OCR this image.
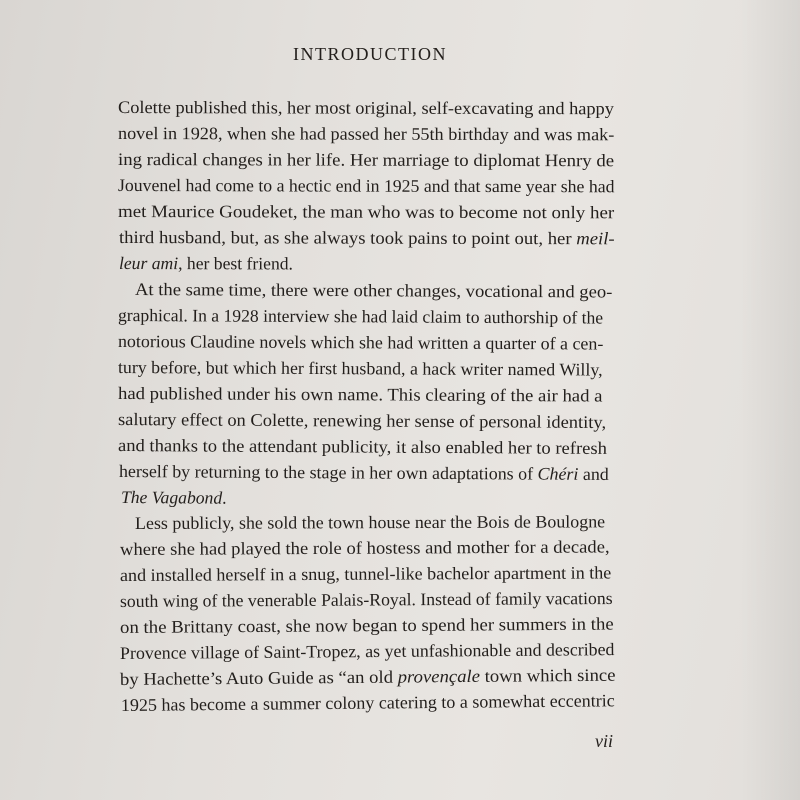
INTRODUCTION
Colette published this, her most original, self-excavating and happy
novel in 1928, when she had passed her 55th birthday and was mak-
ing radical changes in her life. Her marriage to diplomat Henry de
Jouvenel had come to a hectic end in 1925 and that same year she had
met Maurice Goudeket, the man who was to become not only her
third husband, but, as she always took pains to point out, her meil-
leur ami, her best friend.
At the same time, there were other changes, vocational and geo-
graphical. In a 1928 interview she had laid claim to authorship of the
notorious Claudine novels which she had written a quarter of a cen-
tury before, but which her first husband, a hack writer named Willy,
had published under his own name. This clearing of the air had a
salutary effect on Colette, renewing her sense of personal identity,
and thanks to the attendant publicity, it also enabled her to refresh
herself by returning to the stage in her own adaptations of Chéri and
The Vagabond.
Less publicly, she sold the town house near the Bois de Boulogne
where she had played the role of hostess and mother for a decade,
and installed herself in a snug, tunnel-like bachelor apartment in the
south wing of the venerable Palais-Royal. Instead of family vacations
on the Brittany coast, she now began to spend her summers in the
Provence village of Saint-Tropez, as yet unfashionable and described
by Hachette’s Auto Guide as “an old provençale town which since
1925 has become a summer colony catering to a somewhat eccentric
vii
